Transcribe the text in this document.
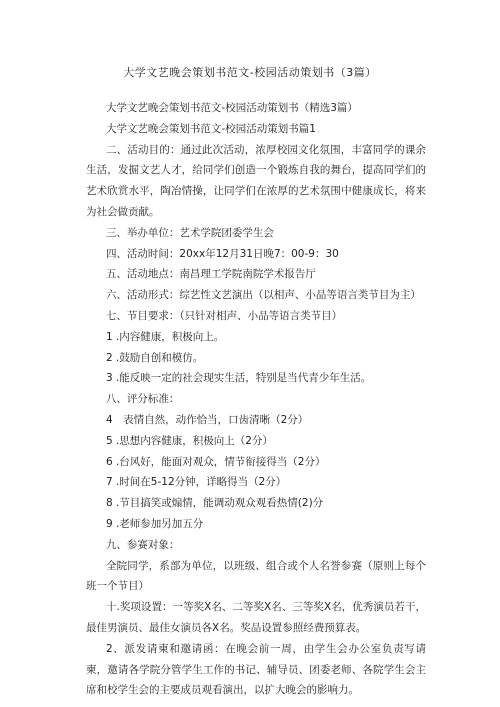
大学文艺晚会策划书范文-校园活动策划书（3篇）

大学文艺晚会策划书范文-校园活动策划书（精选3篇）

大学文艺晚会策划书范文-校园活动策划书篇1

二、活动目的：通过此次活动，浓厚校园文化氛围，丰富同学的课余生活，发掘文艺人才，给同学们创造一个锻炼自我的舞台，提高同学们的艺术欣赏水平，陶冶情操，让同学们在浓厚的艺术氛围中健康成长，将来为社会做贡献。

三、举办单位：艺术学院团委学生会

四、活动时间：20xx年12月31日晚7：00-9：30

五、活动地点：南昌理工学院南院学术报告厅

六、活动形式：综艺性文艺演出（以相声、小品等语言类节目为主）

七、节目要求：（只针对相声、小品等语言类节目）

1 .内容健康，积极向上。

2 .鼓励自创和模仿。

3 .能反映一定的社会现实生活，特别是当代青少年生活。

八、评分标准：

4　表情自然，动作恰当，口齿清晰（2分）

5 .思想内容健康，积极向上（2分）

6 .台风好，能面对观众，情节衔接得当（2分）

7 .时间在5-12分钟，详略得当（2分）

8 .节目搞笑或煽情，能调动观众观看热情(2)分

9 .老师参加另加五分

九、参赛对象：

全院同学，系部为单位，以班级、组合或个人名誉参赛（原则上每个班一个节目）

十.奖项设置：一等奖X名、二等奖X名、三等奖X名，优秀演员若干，最佳男演员、最佳女演员各X名。奖品设置参照经费预算表。

2、派发请柬和邀请函：在晚会前一周，由学生会办公室负责写请柬，邀请各学院分管学生工作的书记、辅导员、团委老师、各院学生会主席和校学生会的主要成员观看演出，以扩大晚会的影响力。
